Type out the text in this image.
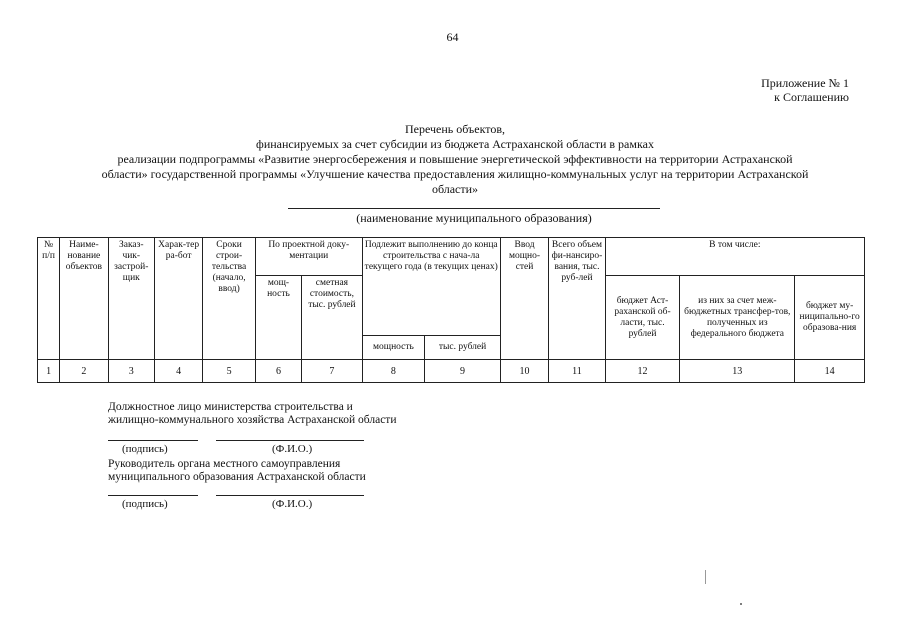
64
Приложение № 1
к Соглашению
Перечень объектов,
финансируемых за счет субсидии из бюджета Астраханской области в рамках
реализации подпрограммы «Развитие энергосбережения и повышение энергетической эффективности на территории Астраханской
области» государственной программы «Улучшение качества предоставления жилищно-коммунальных услуг на территории Астраханской
области»
(наименование муниципального образования)
№ п/п	Наиме-нование объектов	Заказ-чик-застрой-щик	Харак-тер ра-бот	Сроки строи-тельства (начало, ввод)	По проектной доку-ментации		Подлежит выполнению до конца строительства с нача-ла текущего года (в текущих ценах)		Ввод мощно-стей	Всего объем фи-нансиро-вания, тыс. руб-лей	В том числе:		
					мощ-ность	сметная стоимость, тыс. рублей					бюджет Аст-раханской об-ласти, тыс. рублей	из них за счет меж-бюджетных трансфер-тов, полученных из федерального бюджета	бюджет му-ниципально-го образова-ния
							мощность	тыс. рублей					
1	2	3	4	5	6	7	8	9	10	11	12	13	14
Должностное лицо министерства строительства и
жилищно-коммунального хозяйства Астраханской области
(подпись)	(Ф.И.О.)
Руководитель органа местного самоуправления
муниципального образования Астраханской области
(подпись)	(Ф.И.О.)
